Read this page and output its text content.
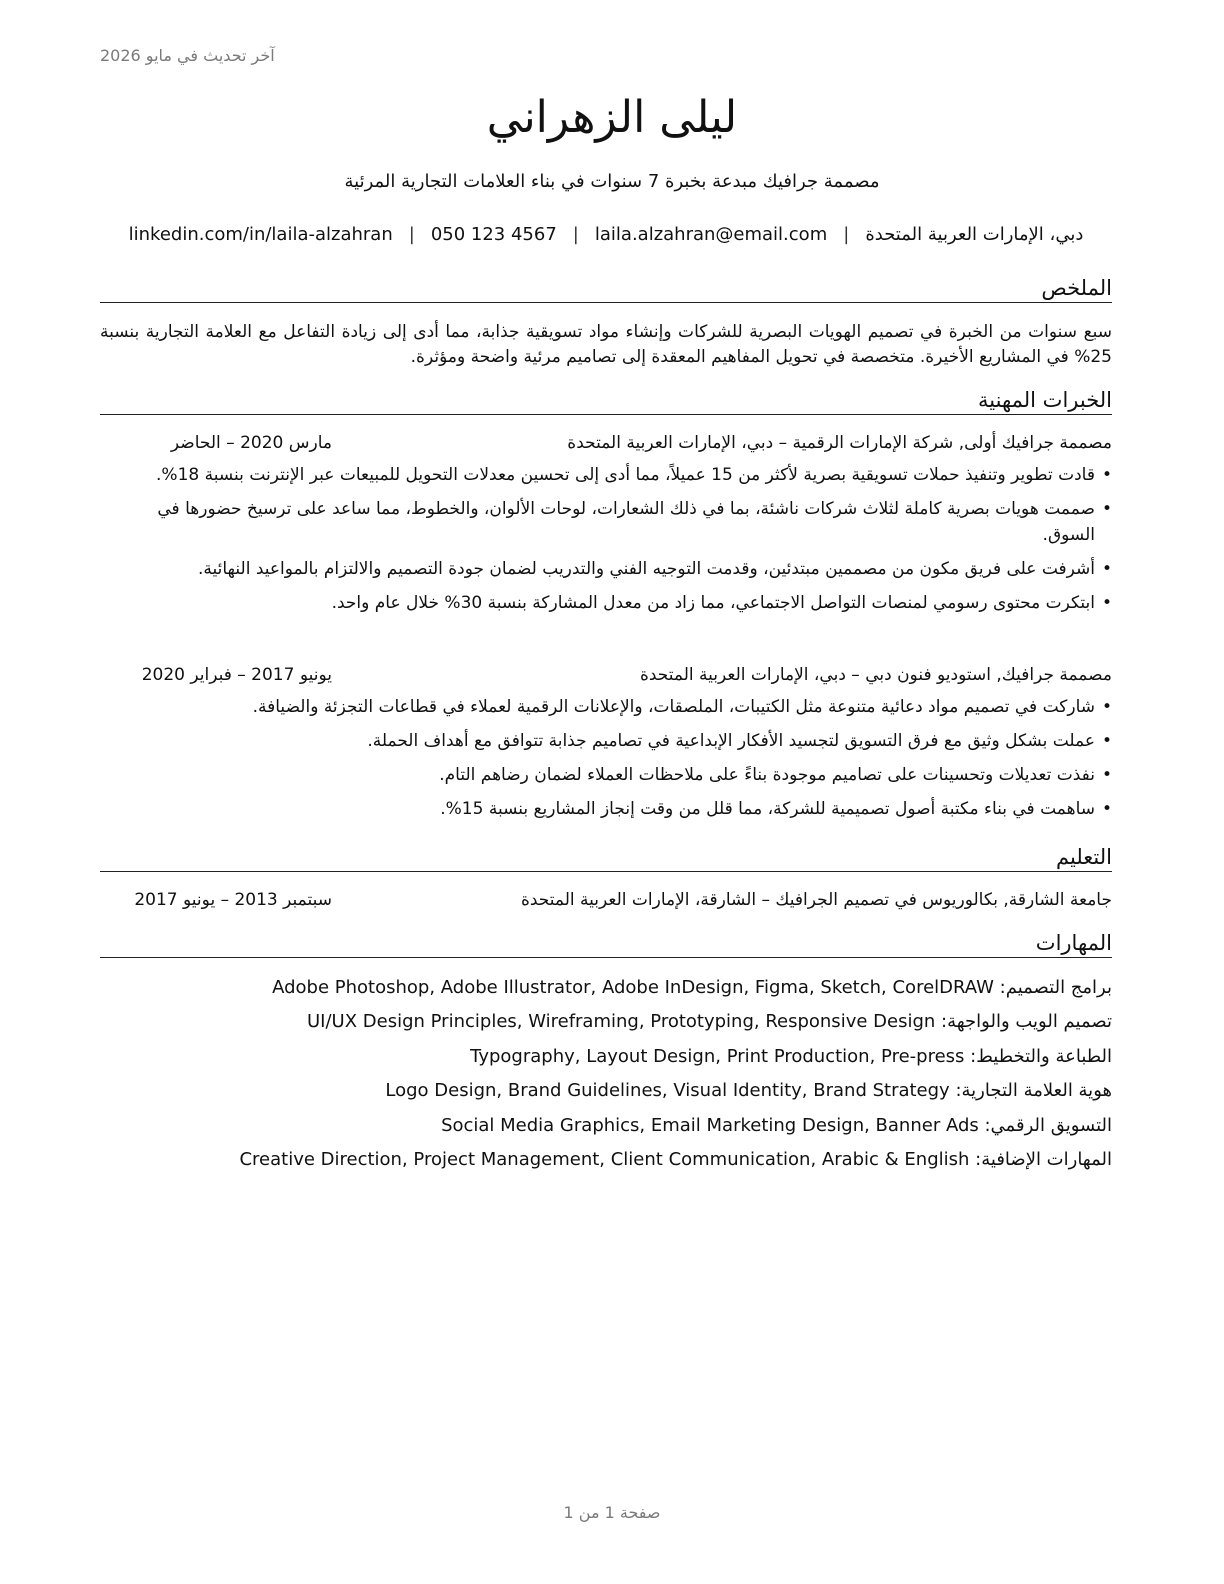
آخر تحديث في مايو 2026
ليلى الزهراني
مصممة جرافيك مبدعة بخبرة 7 سنوات في بناء العلامات التجارية المرئية
دبي، الإمارات العربية المتحدة
|
laila.alzahran@email.com
|
050 123 4567
|
linkedin.com/in/laila-alzahran
الملخص
سبع سنوات من الخبرة في تصميم الهويات البصرية للشركات وإنشاء مواد تسويقية جذابة، مما أدى إلى زيادة التفاعل مع العلامة التجارية بنسبة 25% في المشاريع الأخيرة. متخصصة في تحويل المفاهيم المعقدة إلى تصاميم مرئية واضحة ومؤثرة.
الخبرات المهنية
مصممة جرافيك أولى, شركة الإمارات الرقمية – دبي، الإمارات العربية المتحدة
مارس 2020 – الحاضر
• قادت تطوير وتنفيذ حملات تسويقية بصرية لأكثر من 15 عميلاً، مما أدى إلى تحسين معدلات التحويل للمبيعات عبر الإنترنت بنسبة 18%.
• صممت هويات بصرية كاملة لثلاث شركات ناشئة، بما في ذلك الشعارات، لوحات الألوان، والخطوط، مما ساعد على ترسيخ حضورها في السوق.
• أشرفت على فريق مكون من مصممين مبتدئين، وقدمت التوجيه الفني والتدريب لضمان جودة التصميم والالتزام بالمواعيد النهائية.
• ابتكرت محتوى رسومي لمنصات التواصل الاجتماعي، مما زاد من معدل المشاركة بنسبة 30% خلال عام واحد.
مصممة جرافيك, استوديو فنون دبي – دبي، الإمارات العربية المتحدة
يونيو 2017 – فبراير 2020
• شاركت في تصميم مواد دعائية متنوعة مثل الكتيبات، الملصقات، والإعلانات الرقمية لعملاء في قطاعات التجزئة والضيافة.
• عملت بشكل وثيق مع فرق التسويق لتجسيد الأفكار الإبداعية في تصاميم جذابة تتوافق مع أهداف الحملة.
• نفذت تعديلات وتحسينات على تصاميم موجودة بناءً على ملاحظات العملاء لضمان رضاهم التام.
• ساهمت في بناء مكتبة أصول تصميمية للشركة، مما قلل من وقت إنجاز المشاريع بنسبة 15%.
التعليم
جامعة الشارقة, بكالوريوس في تصميم الجرافيك – الشارقة، الإمارات العربية المتحدة
سبتمبر 2013 – يونيو 2017
المهارات
برامج التصميم: Adobe Photoshop, Adobe Illustrator, Adobe InDesign, Figma, Sketch, CorelDRAW
تصميم الويب والواجهة: UI/UX Design Principles, Wireframing, Prototyping, Responsive Design
الطباعة والتخطيط: Typography, Layout Design, Print Production, Pre-press
هوية العلامة التجارية: Logo Design, Brand Guidelines, Visual Identity, Brand Strategy
التسويق الرقمي: Social Media Graphics, Email Marketing Design, Banner Ads
المهارات الإضافية: Creative Direction, Project Management, Client Communication, Arabic & English
صفحة 1 من 1
